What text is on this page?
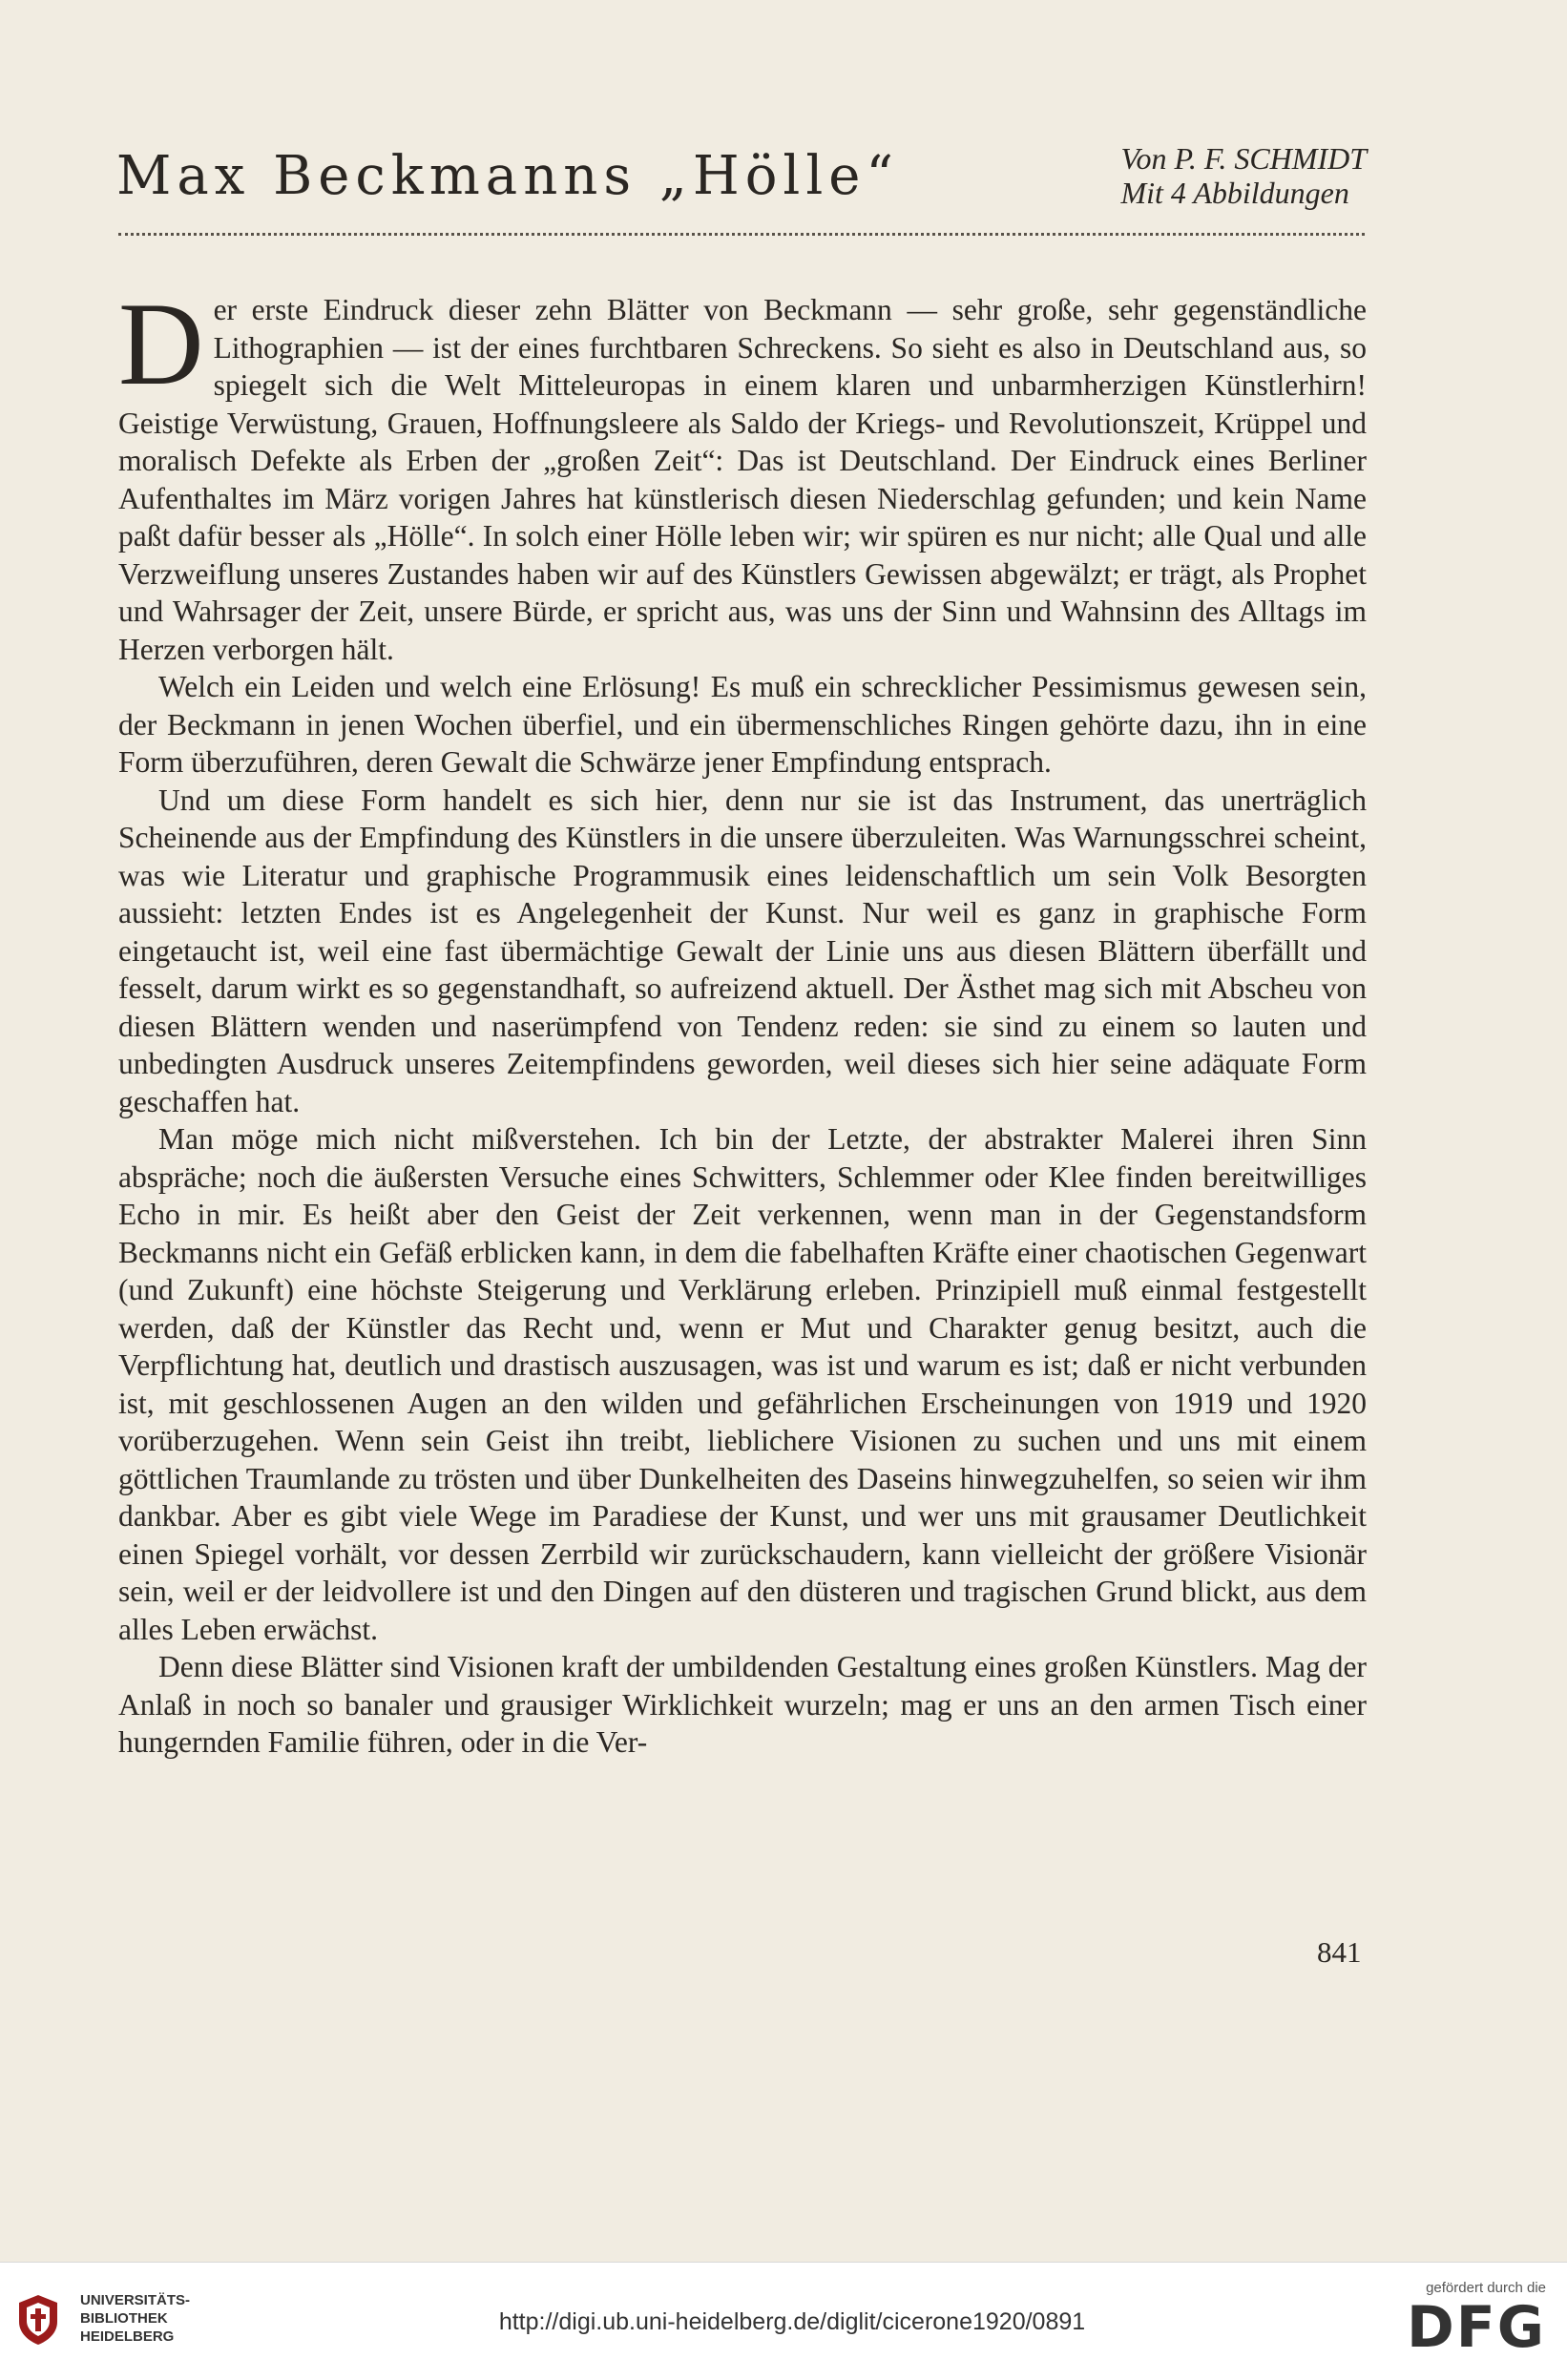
Max Beckmanns „Hölle“	Von P. F. SCHMIDT
Mit 4 Abbildungen

Der erste Eindruck dieser zehn Blätter von Beckmann — sehr große, sehr gegenständliche Lithographien — ist der eines furchtbaren Schreckens. So sieht es also in Deutschland aus, so spiegelt sich die Welt Mitteleuropas in einem klaren und unbarmherzigen Künstlerhirn! Geistige Verwüstung, Grauen, Hoffnungsleere als Saldo der Kriegs- und Revolutionszeit, Krüppel und moralisch Defekte als Erben der „großen Zeit“: Das ist Deutschland. Der Eindruck eines Berliner Aufenthaltes im März vorigen Jahres hat künstlerisch diesen Niederschlag gefunden; und kein Name paßt dafür besser als „Hölle“. In solch einer Hölle leben wir; wir spüren es nur nicht; alle Qual und alle Verzweiflung unseres Zustandes haben wir auf des Künstlers Gewissen abgewälzt; er trägt, als Prophet und Wahrsager der Zeit, unsere Bürde, er spricht aus, was uns der Sinn und Wahnsinn des Alltags im Herzen verborgen hält.

Welch ein Leiden und welch eine Erlösung! Es muß ein schrecklicher Pessimismus gewesen sein, der Beckmann in jenen Wochen überfiel, und ein übermenschliches Ringen gehörte dazu, ihn in eine Form überzuführen, deren Gewalt die Schwärze jener Empfindung entsprach.

Und um diese Form handelt es sich hier, denn nur sie ist das Instrument, das unerträglich Scheinende aus der Empfindung des Künstlers in die unsere überzuleiten. Was Warnungsschrei scheint, was wie Literatur und graphische Programmusik eines leidenschaftlich um sein Volk Besorgten aussieht: letzten Endes ist es Angelegenheit der Kunst. Nur weil es ganz in graphische Form eingetaucht ist, weil eine fast übermächtige Gewalt der Linie uns aus diesen Blättern überfällt und fesselt, darum wirkt es so gegenstandhaft, so aufreizend aktuell. Der Ästhet mag sich mit Abscheu von diesen Blättern wenden und naserümpfend von Tendenz reden: sie sind zu einem so lauten und unbedingten Ausdruck unseres Zeitempfindens geworden, weil dieses sich hier seine adäquate Form geschaffen hat.

Man möge mich nicht mißverstehen. Ich bin der Letzte, der abstrakter Malerei ihren Sinn abspräche; noch die äußersten Versuche eines Schwitters, Schlemmer oder Klee finden bereitwilliges Echo in mir. Es heißt aber den Geist der Zeit verkennen, wenn man in der Gegenstandsform Beckmanns nicht ein Gefäß erblicken kann, in dem die fabelhaften Kräfte einer chaotischen Gegenwart (und Zukunft) eine höchste Steigerung und Verklärung erleben. Prinzipiell muß einmal festgestellt werden, daß der Künstler das Recht und, wenn er Mut und Charakter genug besitzt, auch die Verpflichtung hat, deutlich und drastisch auszusagen, was ist und warum es ist; daß er nicht verbunden ist, mit geschlossenen Augen an den wilden und gefährlichen Erscheinungen von 1919 und 1920 vorüberzugehen. Wenn sein Geist ihn treibt, lieblichere Visionen zu suchen und uns mit einem göttlichen Traumlande zu trösten und über Dunkelheiten des Daseins hinwegzuhelfen, so seien wir ihm dankbar. Aber es gibt viele Wege im Paradiese der Kunst, und wer uns mit grausamer Deutlichkeit einen Spiegel vorhält, vor dessen Zerrbild wir zurückschaudern, kann vielleicht der größere Visionär sein, weil er der leidvollere ist und den Dingen auf den düsteren und tragischen Grund blickt, aus dem alles Leben erwächst.

Denn diese Blätter sind Visionen kraft der umbildenden Gestaltung eines großen Künstlers. Mag der Anlaß in noch so banaler und grausiger Wirklichkeit wurzeln; mag er uns an den armen Tisch einer hungernden Familie führen, oder in die Ver-

841
UNIVERSITÄTS-
BIBLIOTHEK
HEIDELBERG
http://digi.ub.uni-heidelberg.de/diglit/cicerone1920/0891
gefördert durch die
DFG
